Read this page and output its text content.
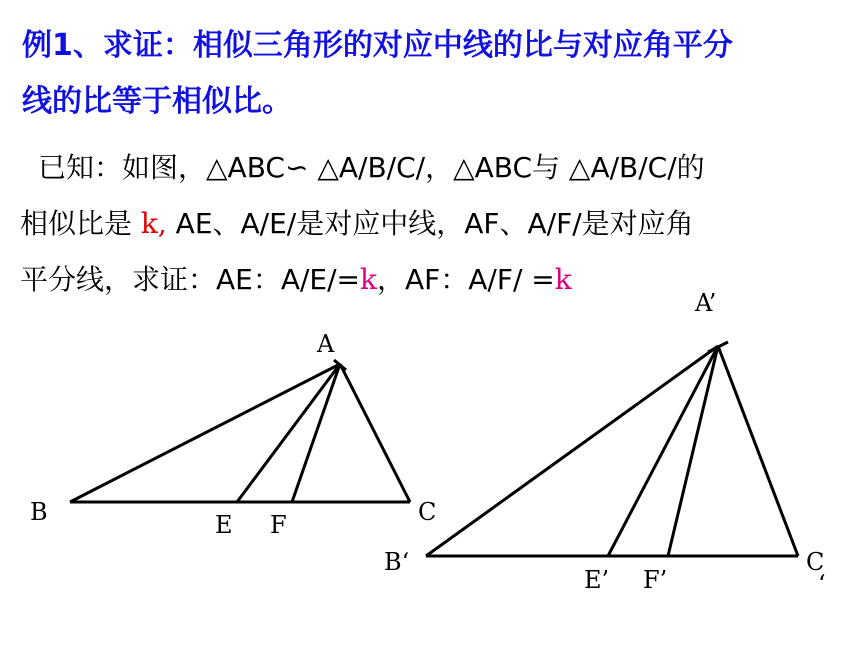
例1、求证：相似三角形的对应中线的比与对应角平分
线的比等于相似比。
已知：如图，△ABC∽ △A/B/C/，△ABC与 △A/B/C/的
相似比是 k, AE、A/E/是对应中线，AF、A/F/是对应角
平分线，求证：AE：A/E/=k，AF：A/F/ =k
A
B	C
E F
A’
B‘	C
‘
E’ F’
